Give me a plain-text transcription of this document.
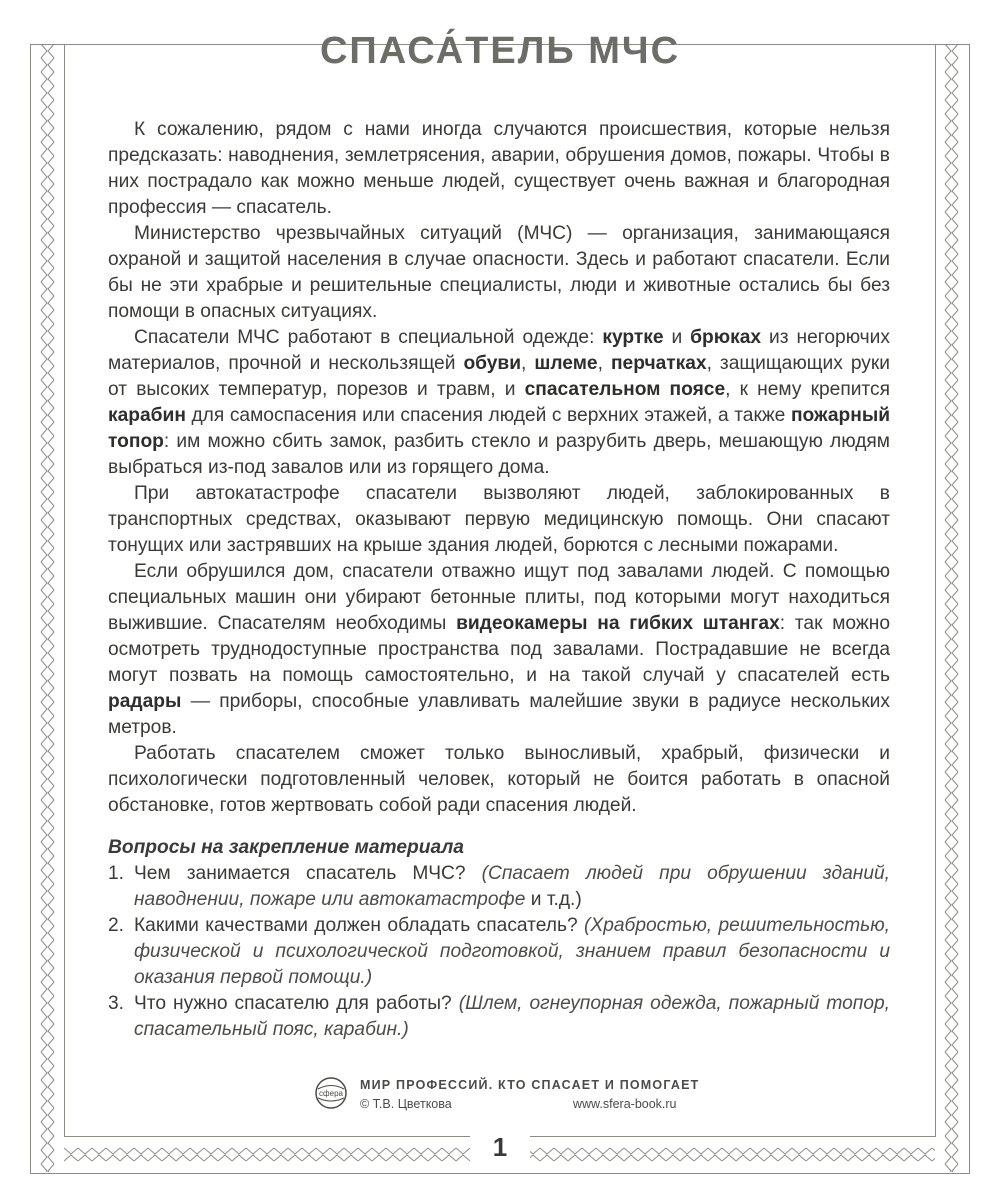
СПАСА́ТЕЛЬ МЧС

К сожалению, рядом с нами иногда случаются происшествия, которые нельзя предсказать: наводнения, землетрясения, аварии, обрушения домов, пожары. Чтобы в них пострадало как можно меньше людей, существует очень важная и благородная профессия — спасатель.

Министерство чрезвычайных ситуаций (МЧС) — организация, занимающаяся охраной и защитой населения в случае опасности. Здесь и работают спасатели. Если бы не эти храбрые и решительные специалисты, люди и животные остались бы без помощи в опасных ситуациях.

Спасатели МЧС работают в специальной одежде: куртке и брюках из негорючих материалов, прочной и нескользящей обуви, шлеме, перчатках, защищающих руки от высоких температур, порезов и травм, и спасательном поясе, к нему крепится карабин для самоспасения или спасения людей с верхних этажей, а также пожарный топор: им можно сбить замок, разбить стекло и разрубить дверь, мешающую людям выбраться из-под завалов или из горящего дома.

При автокатастрофе спасатели вызволяют людей, заблокированных в транспортных средствах, оказывают первую медицинскую помощь. Они спасают тонущих или застрявших на крыше здания людей, борются с лесными пожарами.

Если обрушился дом, спасатели отважно ищут под завалами людей. С помощью специальных машин они убирают бетонные плиты, под которыми могут находиться выжившие. Спасателям необходимы видеокамеры на гибких штангах: так можно осмотреть труднодоступные пространства под завалами. Пострадавшие не всегда могут позвать на помощь самостоятельно, и на такой случай у спасателей есть радары — приборы, способные улавливать малейшие звуки в радиусе нескольких метров.

Работать спасателем сможет только выносливый, храбрый, физически и психологически подготовленный человек, который не боится работать в опасной обстановке, готов жертвовать собой ради спасения людей.

Вопросы на закрепление материала
1. Чем занимается спасатель МЧС? (Спасает людей при обрушении зданий, наводнении, пожаре или автокатастрофе и т.д.)
2. Какими качествами должен обладать спасатель? (Храбростью, решительностью, физической и психологической подготовкой, знанием правил безопасности и оказания первой помощи.)
3. Что нужно спасателю для работы? (Шлем, огнеупорная одежда, пожарный топор, спасательный пояс, карабин.)
сфера
МИР ПРОФЕССИЙ. КТО СПАСАЕТ И ПОМОГАЕТ
© Т.В. Цветкова	www.sfera-book.ru
1
